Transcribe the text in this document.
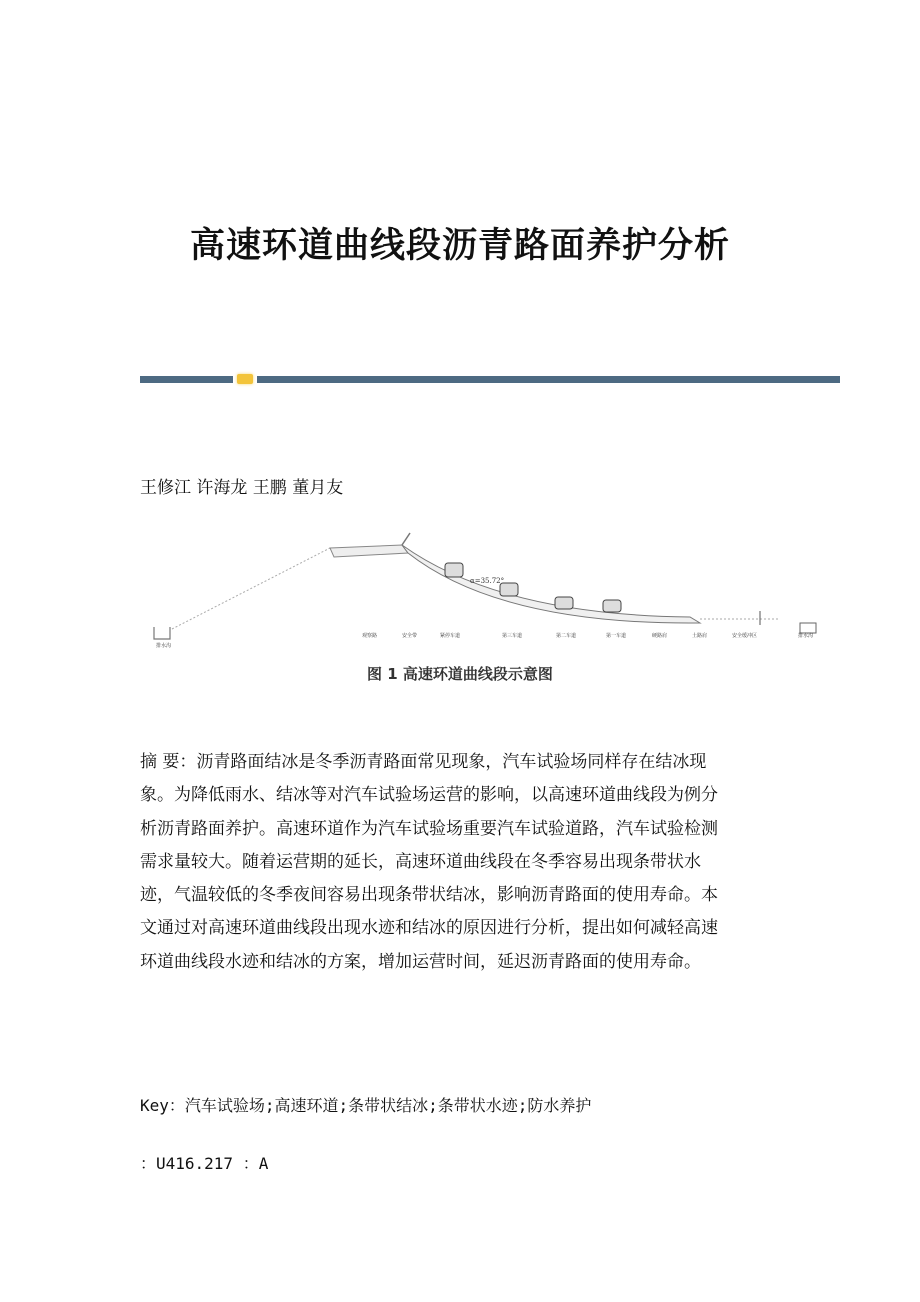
高速环道曲线段沥青路面养护分析
王修江 许海龙 王鹏 董月友
α=35.72°
排水沟
观察路	安全带	紧停车道	第三车道	第二车道	第一车道	硬路肩	土路肩	安全缓冲区	排水沟
图 1 高速环道曲线段示意图
摘 要：沥青路面结冰是冬季沥青路面常见现象，汽车试验场同样存在结冰现
象。为降低雨水、结冰等对汽车试验场运营的影响，以高速环道曲线段为例分
析沥青路面养护。高速环道作为汽车试验场重要汽车试验道路，汽车试验检测
需求量较大。随着运营期的延长，高速环道曲线段在冬季容易出现条带状水
迹，气温较低的冬季夜间容易出现条带状结冰，影响沥青路面的使用寿命。本
文通过对高速环道曲线段出现水迹和结冰的原因进行分析，提出如何减轻高速
环道曲线段水迹和结冰的方案，增加运营时间，延迟沥青路面的使用寿命。
Key：汽车试验场;高速环道;条带状结冰;条带状水迹;防水养护
：U416.217 ：A
